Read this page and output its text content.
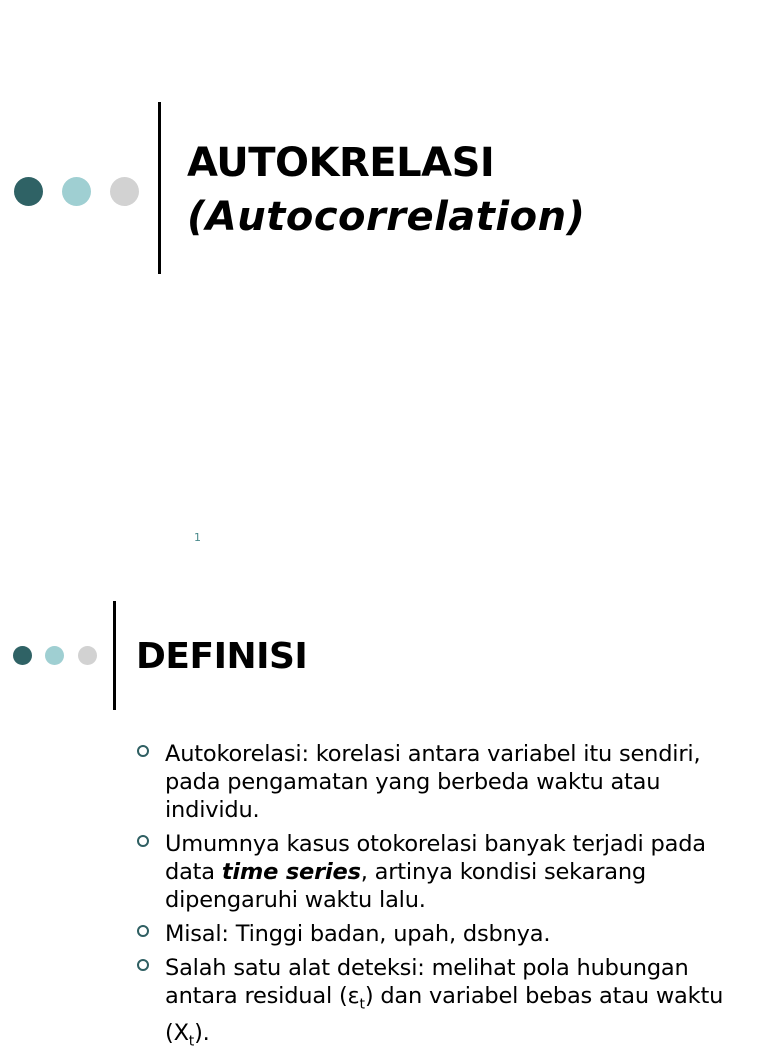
AUTOKRELASI
(Autocorrelation)
1
DEFINISI
Autokorelasi: korelasi antara variabel itu sendiri, pada pengamatan yang berbeda waktu atau individu.
Umumnya kasus otokorelasi banyak terjadi pada data time series, artinya kondisi sekarang dipengaruhi waktu lalu.
Misal: Tinggi badan, upah, dsbnya.
Salah satu alat deteksi: melihat pola hubungan antara residual $(\varepsilon_t)$ dan variabel bebas atau waktu $(X_t)$.
